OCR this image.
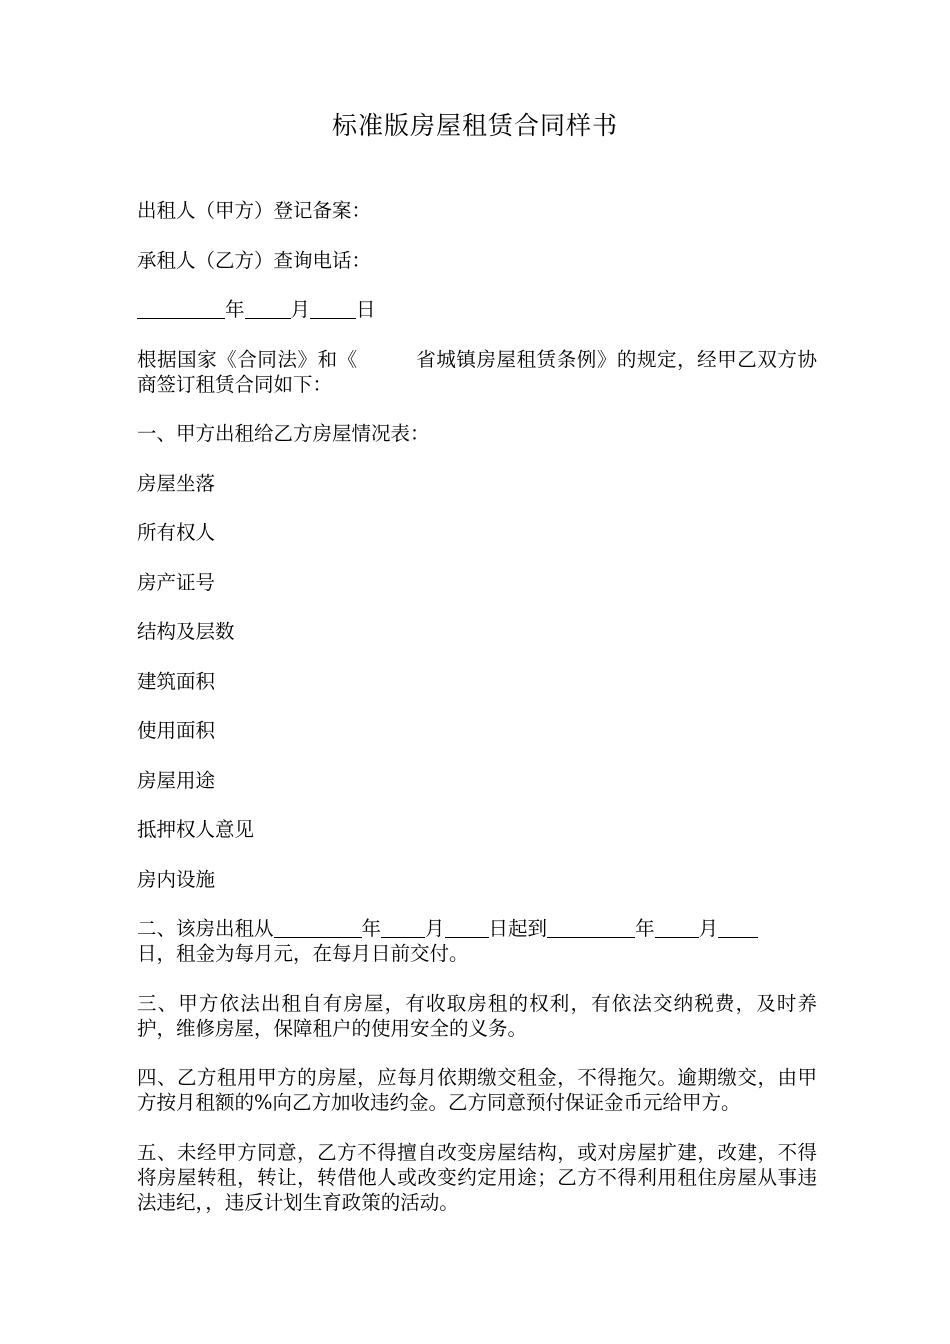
标准版房屋租赁合同样书

出租人（甲方）登记备案：

承租人（乙方）查询电话：

年 月 日

根据国家《合同法》和《	省城镇房屋租赁条例》的规定，经甲乙双方协商签订租赁合同如下：

一、甲方出租给乙方房屋情况表：

房屋坐落

所有权人

房产证号

结构及层数

建筑面积

使用面积

房屋用途

抵押权人意见

房内设施

二、该房出租从	年 月 日起到	年 月
日，租金为每月元，在每月日前交付。

三、甲方依法出租自有房屋，有收取房租的权利，有依法交纳税费，及时养护，维修房屋，保障租户的使用安全的义务。

四、乙方租用甲方的房屋，应每月依期缴交租金，不得拖欠。逾期缴交，由甲方按月租额的%向乙方加收违约金。乙方同意预付保证金币元给甲方。

五、未经甲方同意，乙方不得擅自改变房屋结构，或对房屋扩建，改建，不得将房屋转租，转让，转借他人或改变约定用途；乙方不得利用租住房屋从事违法违纪，，违反计划生育政策的活动。
